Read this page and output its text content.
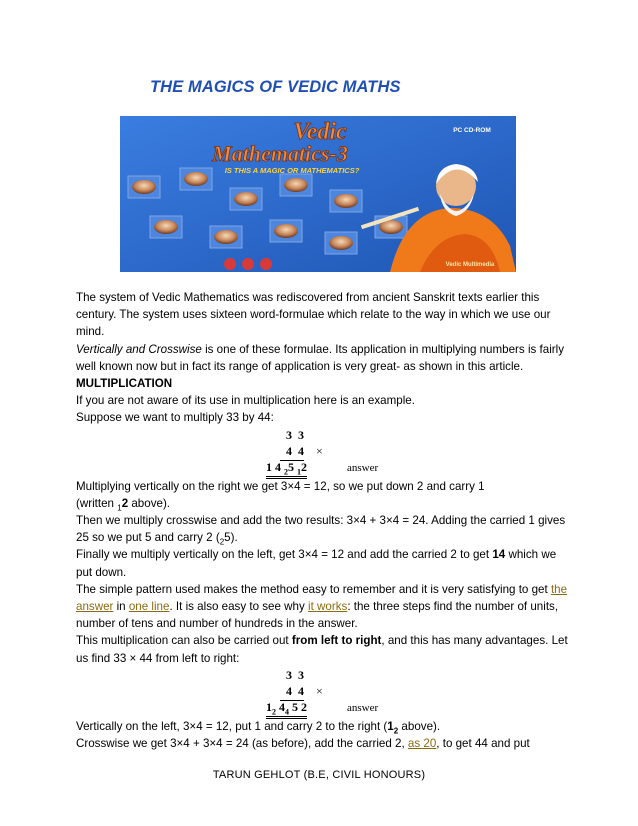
THE MAGICS OF VEDIC MATHS
Vedic
Mathematics-3
IS THIS A MAGIC OR MATHEMATICS?
PC CD-ROM
Vedic Multimedia

The system of Vedic Mathematics was rediscovered from ancient Sanskrit texts earlier this century. The system uses sixteen word-formulae which relate to the way in which we use our mind.

Vertically and Crosswise is one of these formulae. Its application in multiplying numbers is fairly well known now but in fact its range of application is very great- as shown in this article.

MULTIPLICATION

If you are not aware of its use in multiplication here is an example.

Suppose we want to multiply 33 by 44:

3  3
4  4 ×
1 4 $_2$5 $_1$2	answer

Multiplying vertically on the right we get 3×4 = 12, so we put down 2 and carry 1

(written $_1$2 above).

Then we multiply crosswise and add the two results: 3×4 + 3×4 = 24. Adding the carried 1 gives 25 so we put 5 and carry 2 $(_25)$.

Finally we multiply vertically on the left, get 3×4 = 12 and add the carried 2 to get 14 which we put down.

The simple pattern used makes the method easy to remember and it is very satisfying to get the answer in one line. It is also easy to see why it works: the three steps find the number of units, number of tens and number of hundreds in the answer.

This multiplication can also be carried out from left to right, and this has many advantages. Let us find 33 × 44 from left to right:

3  3
4  4 ×
$1_2$ $4_4$ 5 2	answer

Vertically on the left, 3×4 = 12, put 1 and carry 2 to the right ($1_2$ above).

Crosswise we get 3×4 + 3×4 = 24 (as before), add the carried 2, as 20, to get 44 and put

TARUN GEHLOT (B.E, CIVIL HONOURS)
